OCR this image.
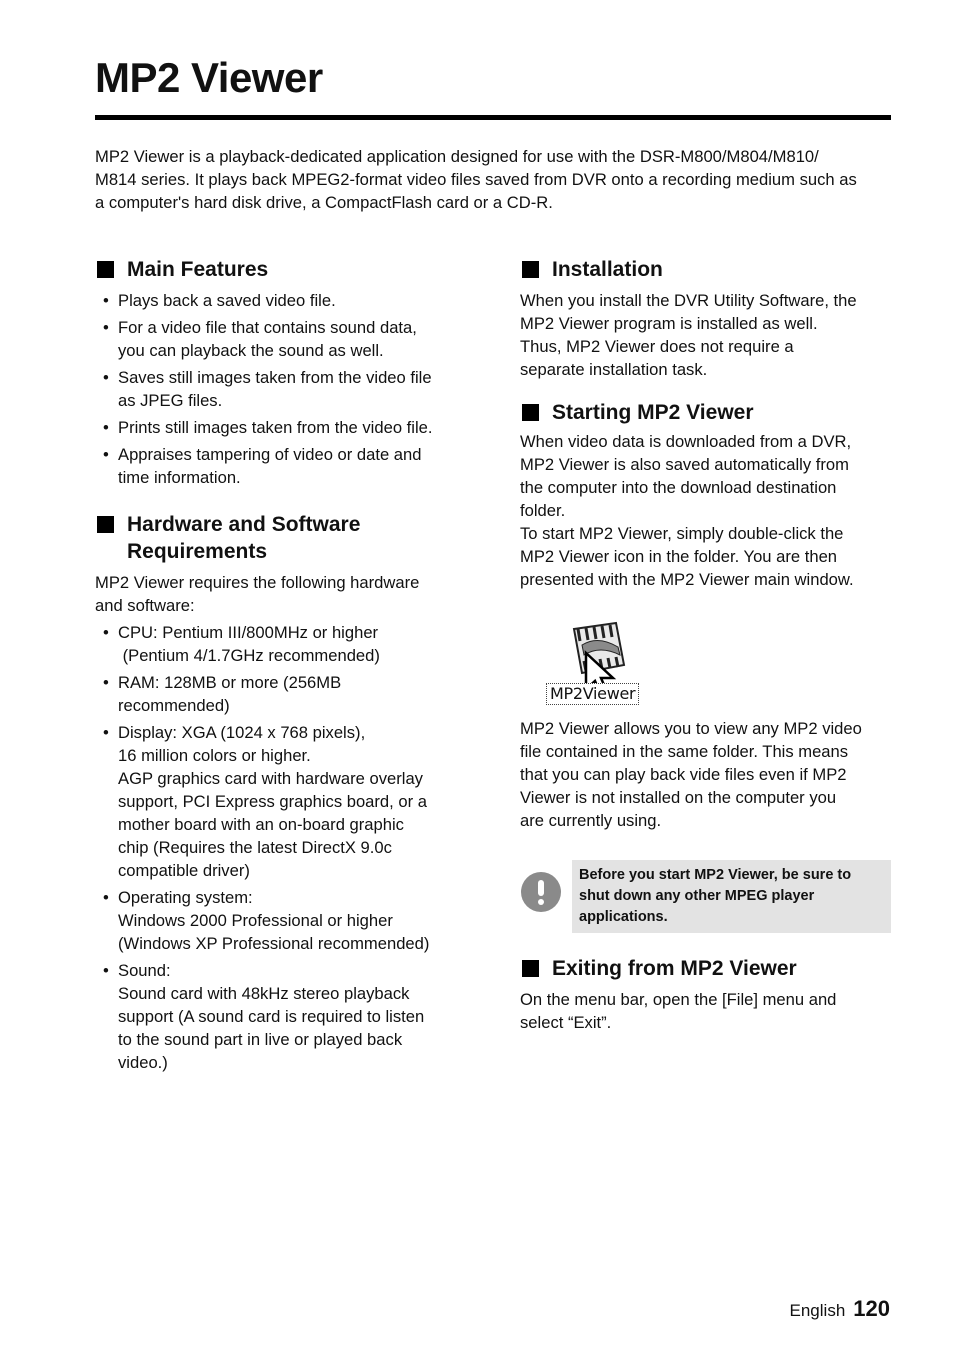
MP2 Viewer

MP2 Viewer is a playback-dedicated application designed for use with the DSR-M800/M804/M810/
M814 series. It plays back MPEG2-format video files saved from DVR onto a recording medium such as
a computer's hard disk drive, a CompactFlash card or a CD-R.

Main Features
• Plays back a saved video file.
• For a video file that contains sound data,
you can playback the sound as well.
• Saves still images taken from the video file
as JPEG files.
• Prints still images taken from the video file.
• Appraises tampering of video or date and
time information.
Hardware and Software
Requirements

MP2 Viewer requires the following hardware
and software:

• CPU: Pentium III/800MHz or higher
(Pentium 4/1.7GHz recommended)
• RAM: 128MB or more (256MB
recommended)
• Display: XGA (1024 x 768 pixels),
16 million colors or higher.
AGP graphics card with hardware overlay
support, PCI Express graphics board, or a
mother board with an on-board graphic
chip (Requires the latest DirectX 9.0c
compatible driver)
• Operating system:
Windows 2000 Professional or higher
(Windows XP Professional recommended)
• Sound:
Sound card with 48kHz stereo playback
support (A sound card is required to listen
to the sound part in live or played back
video.)
Installation

When you install the DVR Utility Software, the
MP2 Viewer program is installed as well.
Thus, MP2 Viewer does not require a
separate installation task.

Starting MP2 Viewer

When video data is downloaded from a DVR,
MP2 Viewer is also saved automatically from
the computer into the download destination
folder.
To start MP2 Viewer, simply double-click the
MP2 Viewer icon in the folder. You are then
presented with the MP2 Viewer main window.

MP2Viewer

MP2 Viewer allows you to view any MP2 video
file contained in the same folder. This means
that you can play back vide files even if MP2
Viewer is not installed on the computer you
are currently using.

Before you start MP2 Viewer, be sure to
shut down any other MPEG player
applications.
Exiting from MP2 Viewer

On the menu bar, open the [File] menu and
select “Exit”.

English 120
